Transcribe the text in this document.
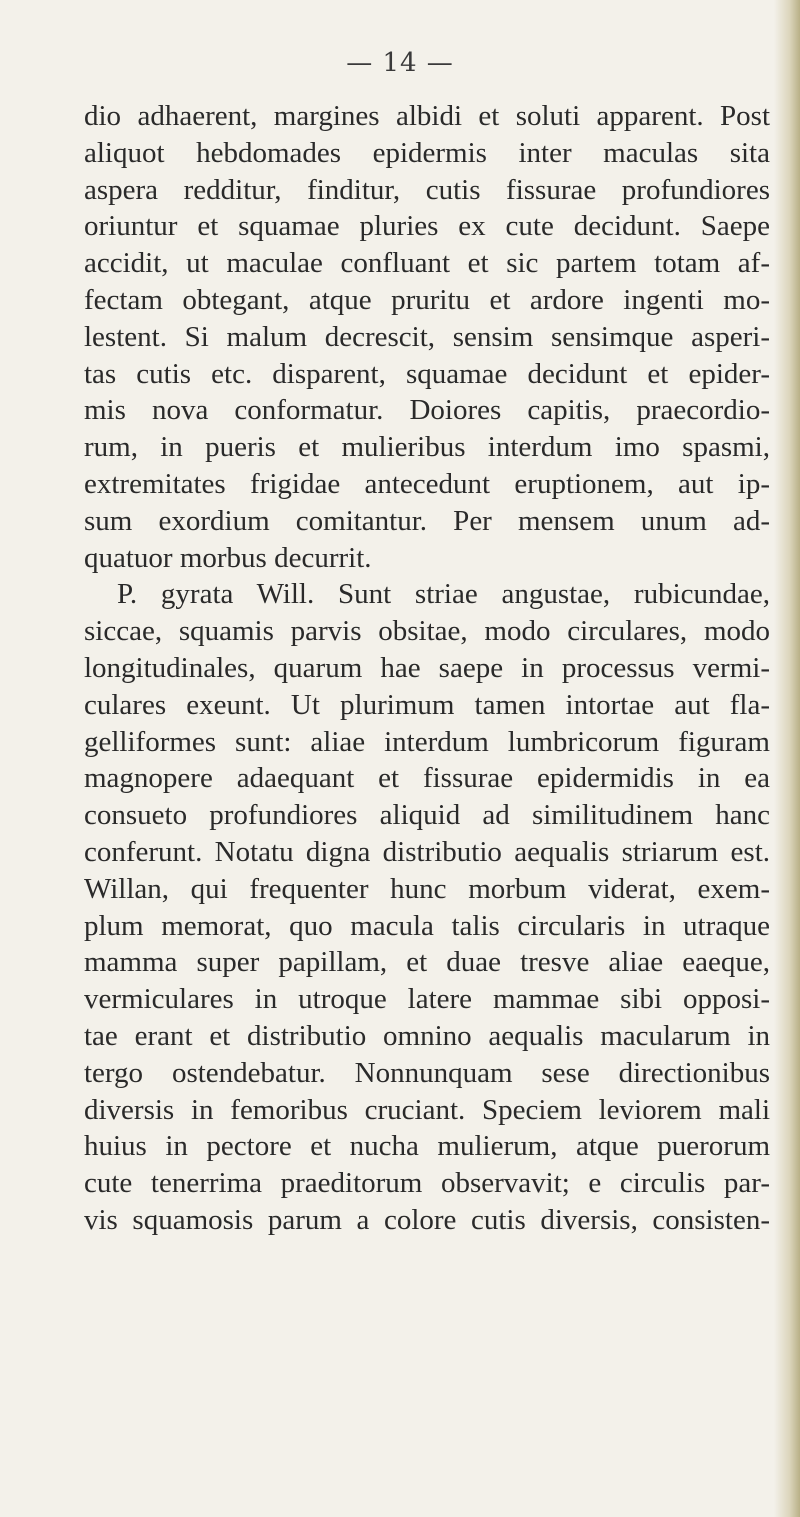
— 14 —
dio adhaerent, margines albidi et soluti apparent. Post
aliquot hebdomades epidermis inter maculas sita
aspera redditur, finditur, cutis fissurae profundiores
oriuntur et squamae pluries ex cute decidunt. Saepe
accidit, ut maculae confluant et sic partem totam af-
fectam obtegant, atque pruritu et ardore ingenti mo-
lestent. Si malum decrescit, sensim sensimque asperi-
tas cutis etc. disparent, squamae decidunt et epider-
mis nova conformatur. Doiores capitis, praecordio-
rum, in pueris et mulieribus interdum imo spasmi,
extremitates frigidae antecedunt eruptionem, aut ip-
sum exordium comitantur. Per mensem unum ad-
quatuor morbus decurrit.
P. gyrata Will. Sunt striae angustae, rubicundae,
siccae, squamis parvis obsitae, modo circulares, modo
longitudinales, quarum hae saepe in processus vermi-
culares exeunt. Ut plurimum tamen intortae aut fla-
gelliformes sunt: aliae interdum lumbricorum figuram
magnopere adaequant et fissurae epidermidis in ea
consueto profundiores aliquid ad similitudinem hanc
conferunt. Notatu digna distributio aequalis striarum est.
Willan, qui frequenter hunc morbum viderat, exem-
plum memorat, quo macula talis circularis in utraque
mamma super papillam, et duae tresve aliae eaeque,
vermiculares in utroque latere mammae sibi opposi-
tae erant et distributio omnino aequalis macularum in
tergo ostendebatur. Nonnunquam sese directionibus
diversis in femoribus cruciant. Speciem leviorem mali
huius in pectore et nucha mulierum, atque puerorum
cute tenerrima praeditorum observavit; e circulis par-
vis squamosis parum a colore cutis diversis, consisten-
